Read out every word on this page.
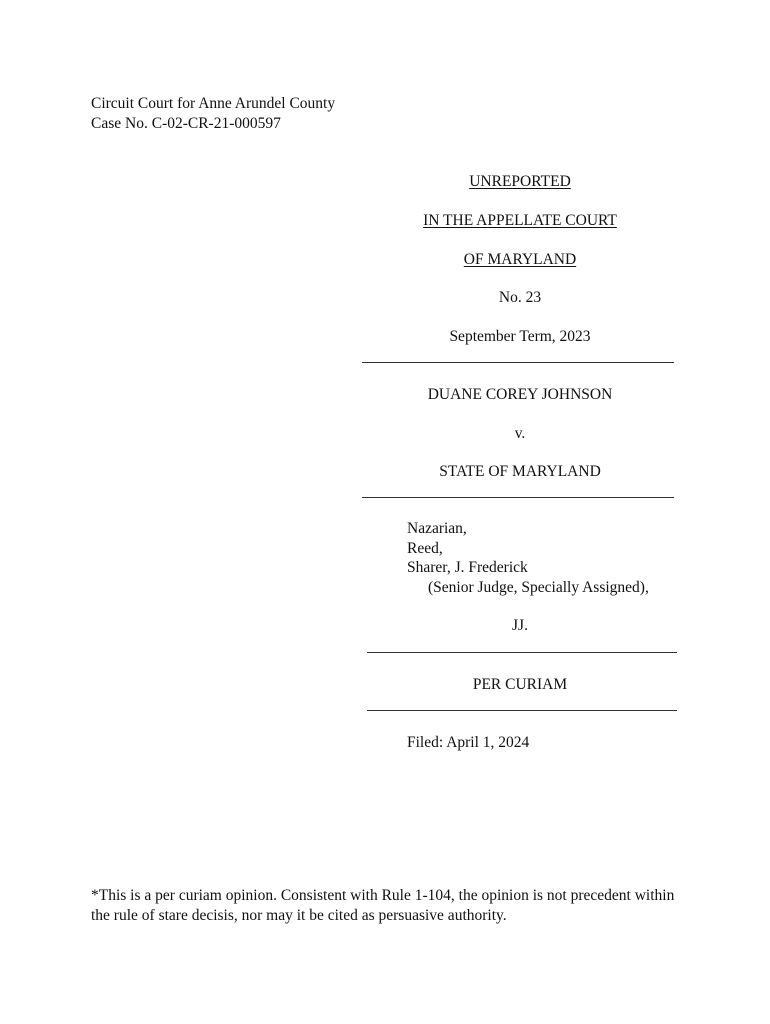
Circuit Court for Anne Arundel County
Case No. C-02-CR-21-000597
UNREPORTED
IN THE APPELLATE COURT
OF MARYLAND
No. 23
September Term, 2023
DUANE COREY JOHNSON
v.
STATE OF MARYLAND
Nazarian,
Reed,
Sharer, J. Frederick
(Senior Judge, Specially Assigned),
JJ.
PER CURIAM
Filed: April 1, 2024
*This is a per curiam opinion. Consistent with Rule 1-104, the opinion is not precedent within the rule of stare decisis, nor may it be cited as persuasive authority.
